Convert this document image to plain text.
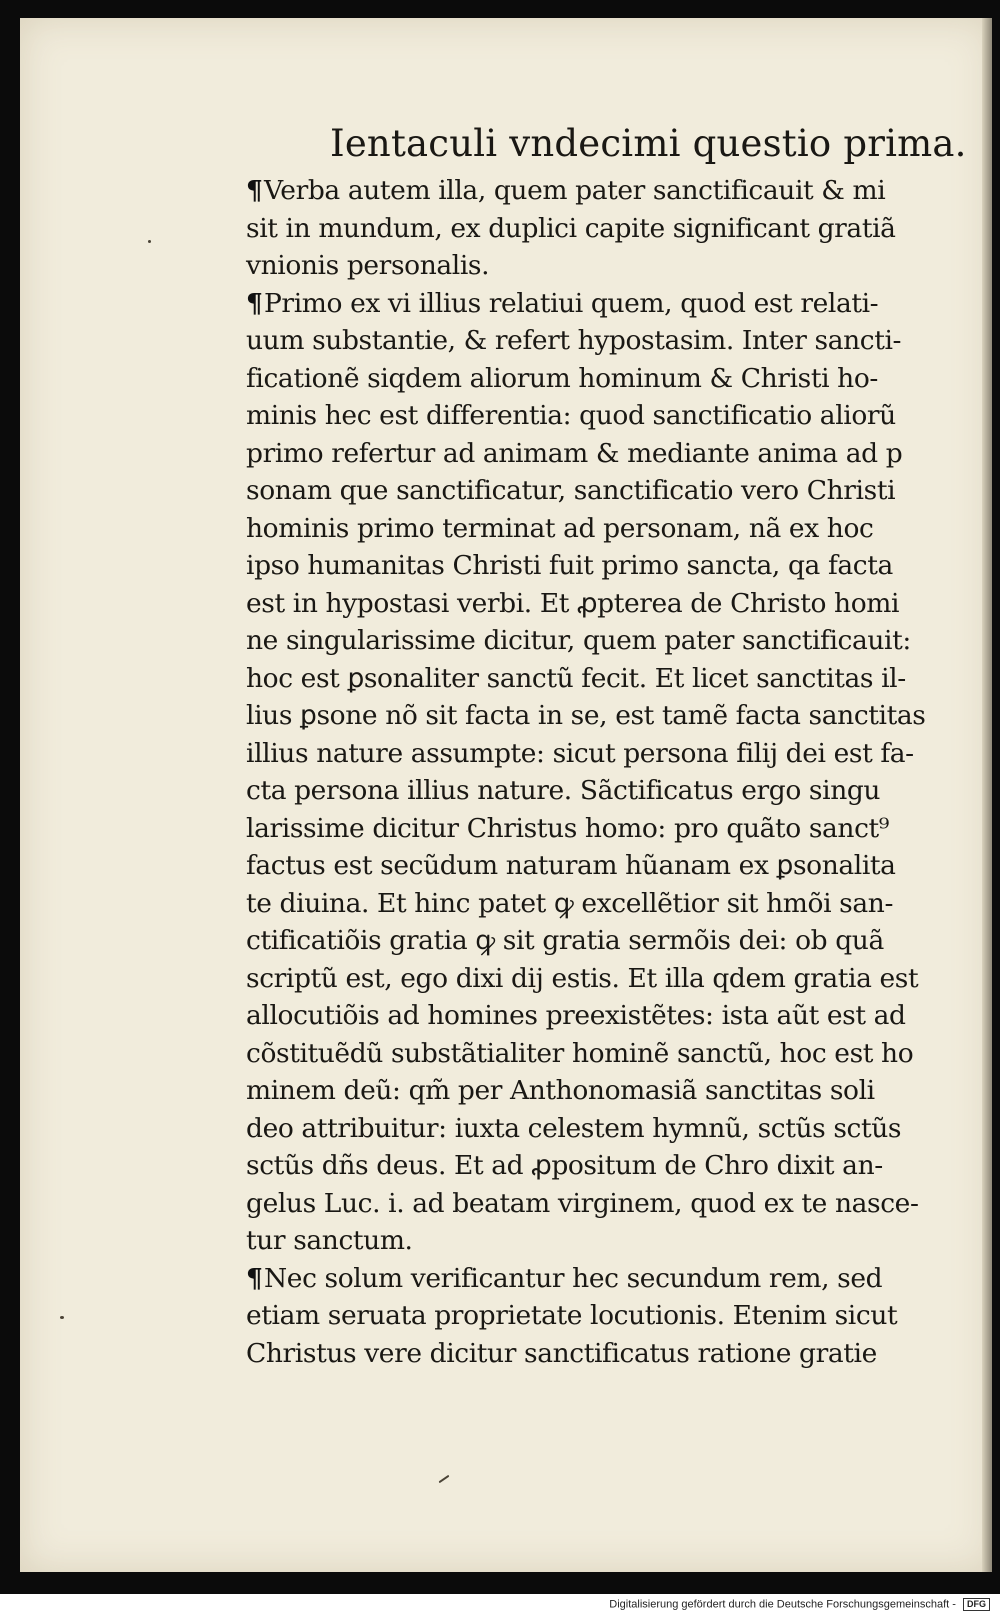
Ientaculi vndecimi questio prima.
¶Verba autem illa, quem pater sanctificauit & mi
sit in mundum, ex duplici capite significant gratiã
vnionis personalis.
¶Primo ex vi illius relatiui quem, quod est relati-
uum substantie, & refert hypostasim. Inter sancti-
ficationẽ siqdem aliorum hominum & Christi ho-
minis hec est differentia: quod sanctificatio aliorũ
primo refertur ad animam & mediante anima ad p
sonam que sanctificatur, sanctificatio vero Christi
hominis primo terminat ad personam, nã ex hoc
ipso humanitas Christi fuit primo sancta, qa facta
est in hypostasi verbi. Et ꝓpterea de Christo homi
ne singularissime dicitur, quem pater sanctificauit:
hoc est ꝑsonaliter sanctũ fecit. Et licet sanctitas il-
lius ꝑsone nõ sit facta in se, est tamẽ facta sanctitas
illius nature assumpte: sicut persona filij dei est fa-
cta persona illius nature. Sãctificatus ergo singu
larissime dicitur Christus homo: pro quãto sanct⁹
factus est secũdum naturam hũanam ex ꝑsonalita
te diuina. Et hinc patet ꝙ excellẽtior sit hmõi san-
ctificatiõis gratia ꝙ sit gratia sermõis dei: ob quã
scriptũ est, ego dixi dij estis. Et illa qdem gratia est
allocutiõis ad homines preexistẽtes: ista aũt est ad
cõstituẽdũ substãtialiter hominẽ sanctũ, hoc est ho
minem deũ: qm̃ per Anthonomasiã sanctitas soli
deo attribuitur: iuxta celestem hymnũ, sctũs sctũs
sctũs dñs deus. Et ad ꝓpositum de Chro dixit an-
gelus Luc. i. ad beatam virginem, quod ex te nasce-
tur sanctum.
¶Nec solum verificantur hec secundum rem, sed
etiam seruata proprietate locutionis. Etenim sicut
Christus vere dicitur sanctificatus ratione gratie
Digitalisierung gefördert durch die Deutsche Forschungsgemeinschaft - DFG
